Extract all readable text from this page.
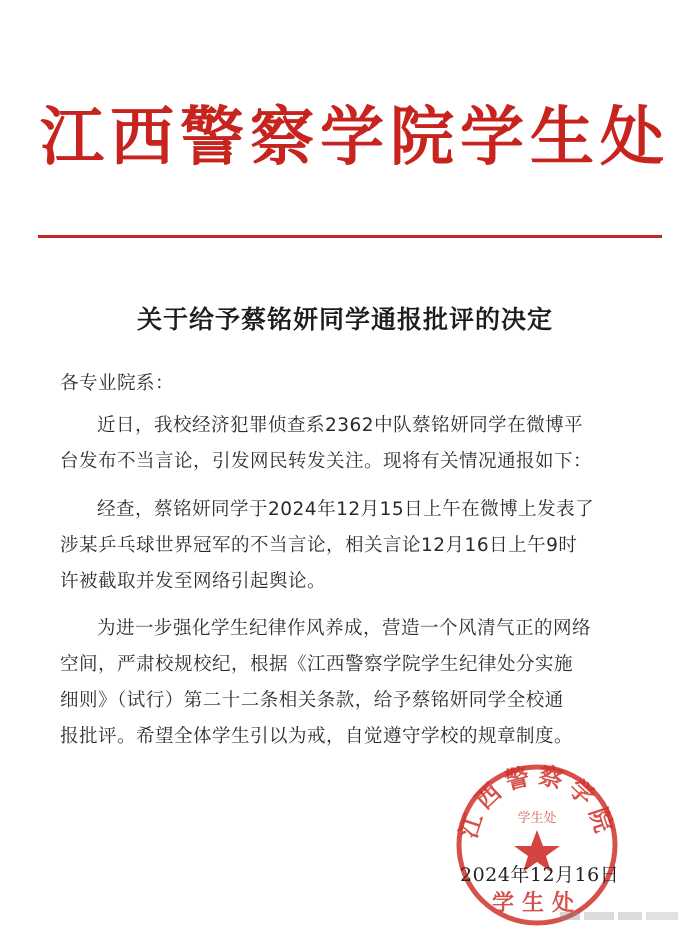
江西警察学院学生处
关于给予蔡铭妍同学通报批评的决定
各专业院系：
近日，我校经济犯罪侦查系2362中队蔡铭妍同学在微博平
台发布不当言论，引发网民转发关注。现将有关情况通报如下：
经查，蔡铭妍同学于2024年12月15日上午在微博上发表了
涉某乒乓球世界冠军的不当言论，相关言论12月16日上午9时
许被截取并发至网络引起舆论。
为进一步强化学生纪律作风养成，营造一个风清气正的网络
空间，严肃校规校纪，根据《江西警察学院学生纪律处分实施
细则》（试行）第二十二条相关条款，给予蔡铭妍同学全校通
报批评。希望全体学生引以为戒，自觉遵守学校的规章制度。
江西警察学院
学生处
学生处
2024年12月16日
